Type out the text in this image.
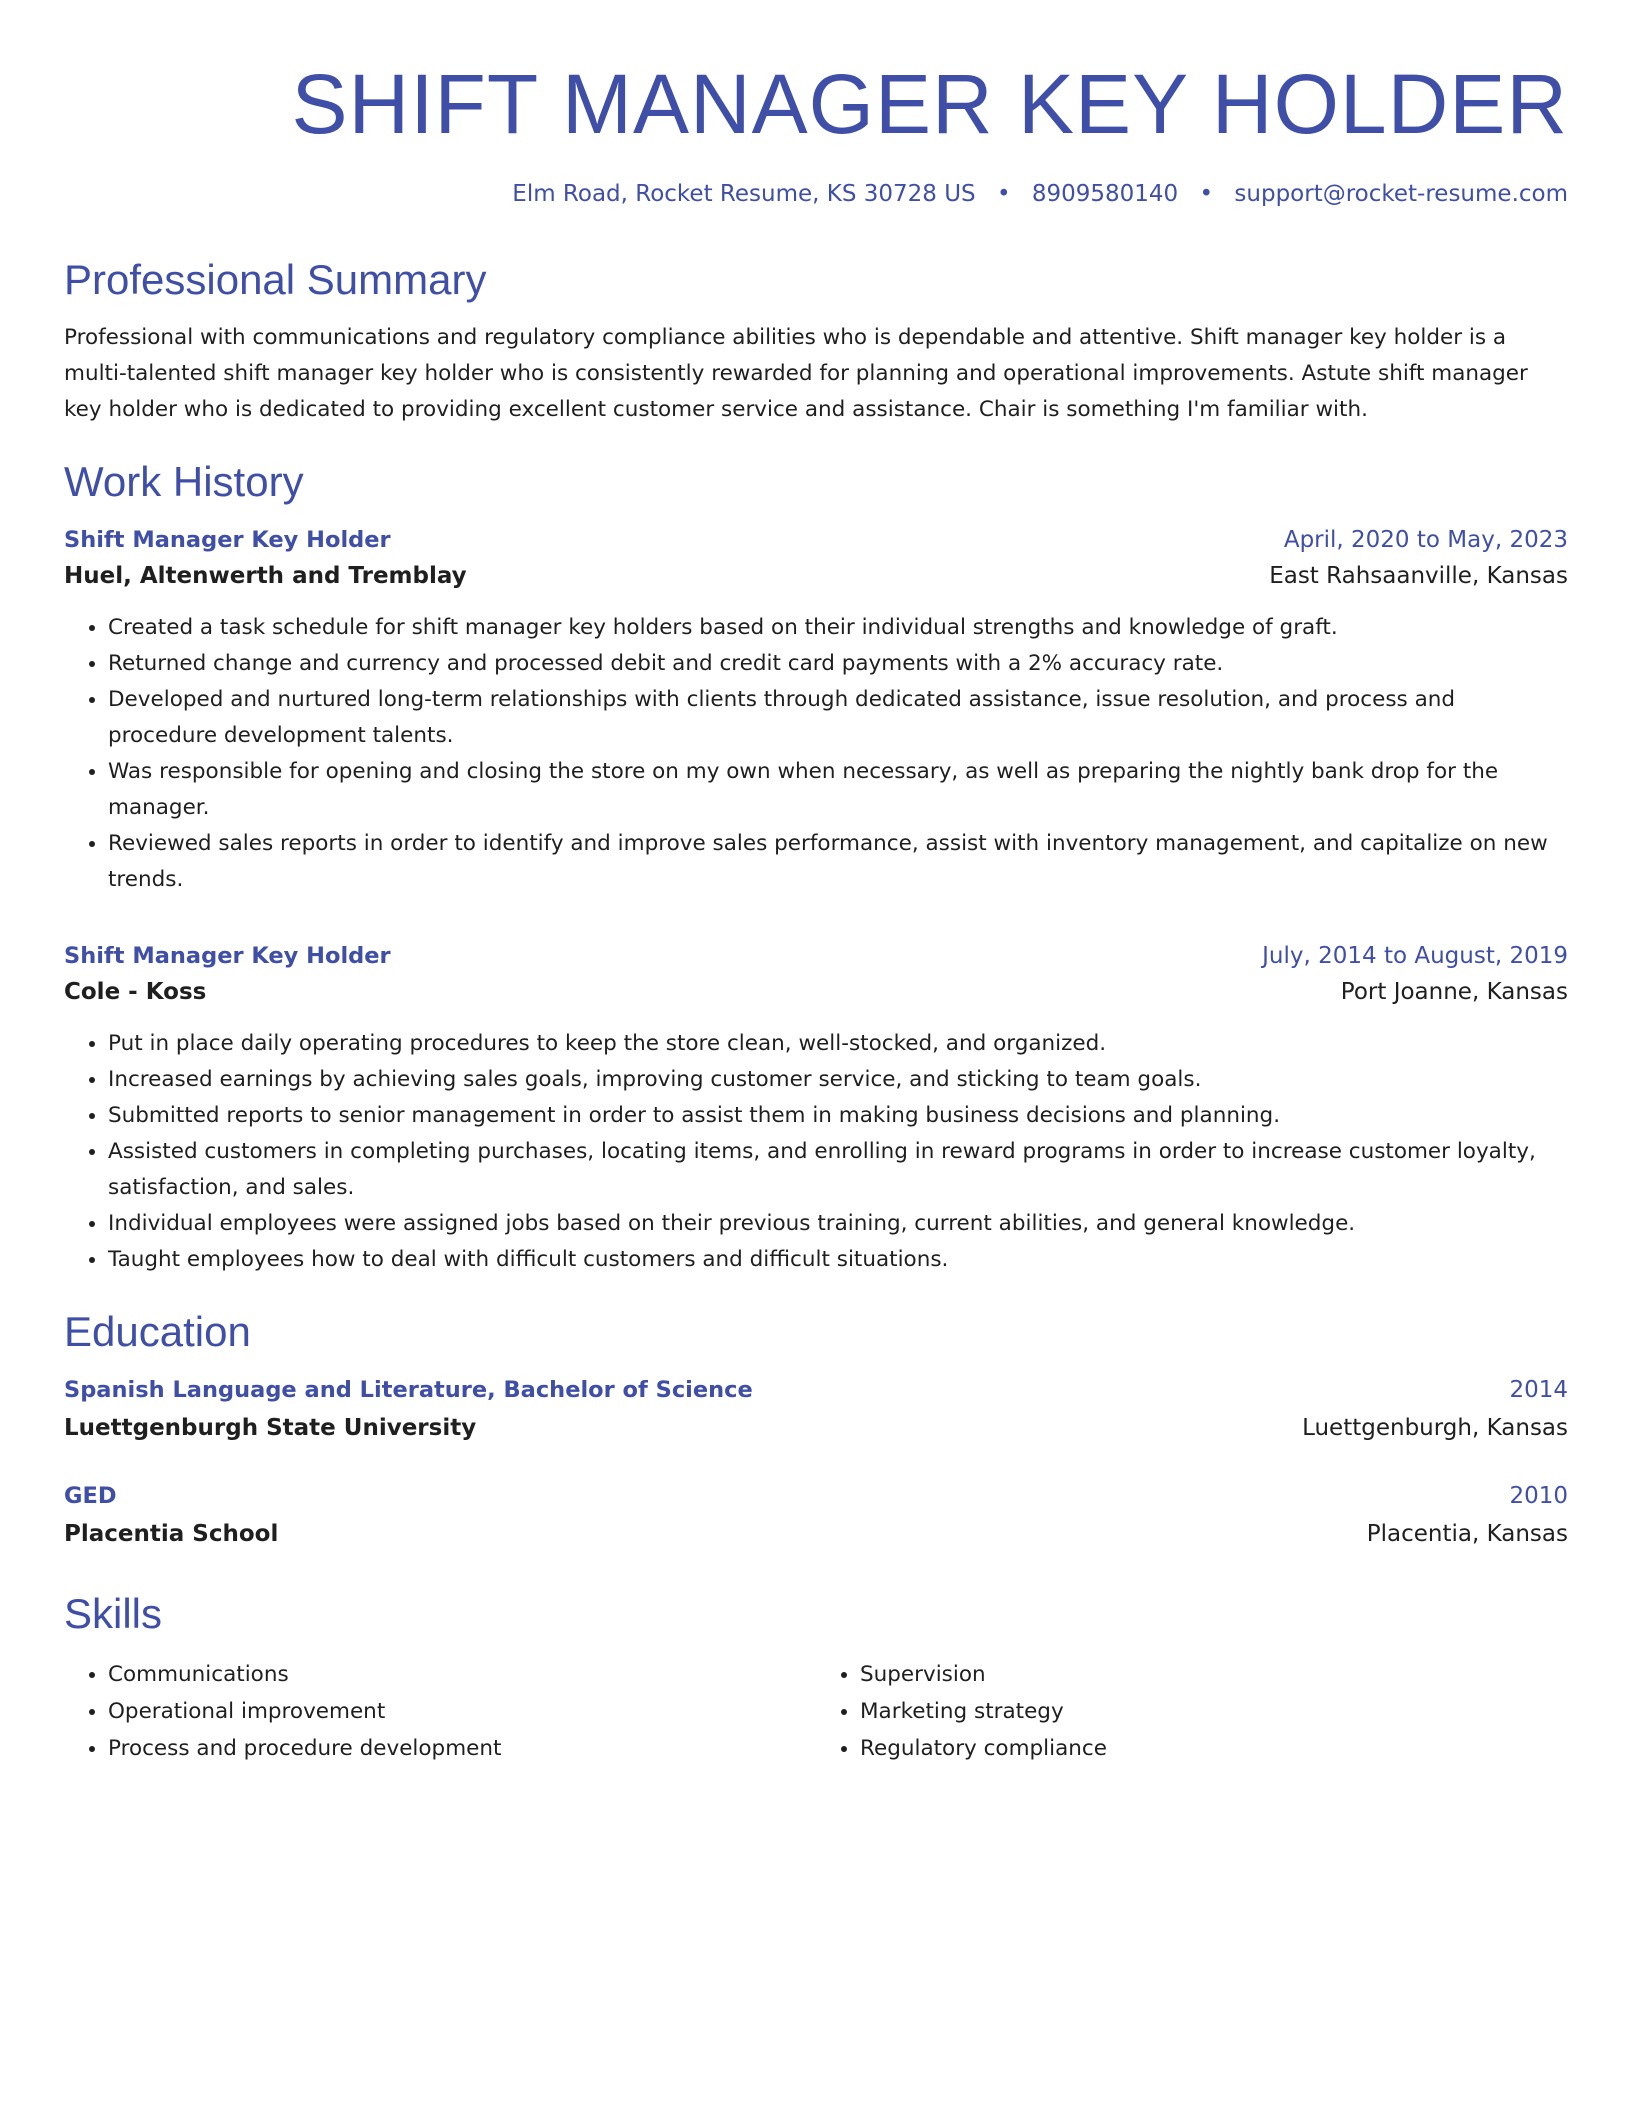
SHIFT MANAGER KEY HOLDER
Elm Road, Rocket Resume, KS 30728 US • 8909580140 • support@rocket-resume.com
Professional Summary

Professional with communications and regulatory compliance abilities who is dependable and attentive. Shift manager key holder is a multi-talented shift manager key holder who is consistently rewarded for planning and operational improvements. Astute shift manager key holder who is dedicated to providing excellent customer service and assistance. Chair is something I'm familiar with.

Work History
Shift Manager Key Holder	April, 2020 to May, 2023
Huel, Altenwerth and Tremblay	East Rahsaanville, Kansas
• Created a task schedule for shift manager key holders based on their individual strengths and knowledge of graft.
• Returned change and currency and processed debit and credit card payments with a 2% accuracy rate.
• Developed and nurtured long-term relationships with clients through dedicated assistance, issue resolution, and process and procedure development talents.
• Was responsible for opening and closing the store on my own when necessary, as well as preparing the nightly bank drop for the manager.
• Reviewed sales reports in order to identify and improve sales performance, assist with inventory management, and capitalize on new trends.
Shift Manager Key Holder	July, 2014 to August, 2019
Cole - Koss	Port Joanne, Kansas
• Put in place daily operating procedures to keep the store clean, well-stocked, and organized.
• Increased earnings by achieving sales goals, improving customer service, and sticking to team goals.
• Submitted reports to senior management in order to assist them in making business decisions and planning.
• Assisted customers in completing purchases, locating items, and enrolling in reward programs in order to increase customer loyalty, satisfaction, and sales.
• Individual employees were assigned jobs based on their previous training, current abilities, and general knowledge.
• Taught employees how to deal with difficult customers and difficult situations.
Education
Spanish Language and Literature, Bachelor of Science	2014
Luettgenburgh State University	Luettgenburgh, Kansas
GED	2010
Placentia School	Placentia, Kansas
Skills
• Communications
• Operational improvement
• Process and procedure development
• Supervision
• Marketing strategy
• Regulatory compliance
